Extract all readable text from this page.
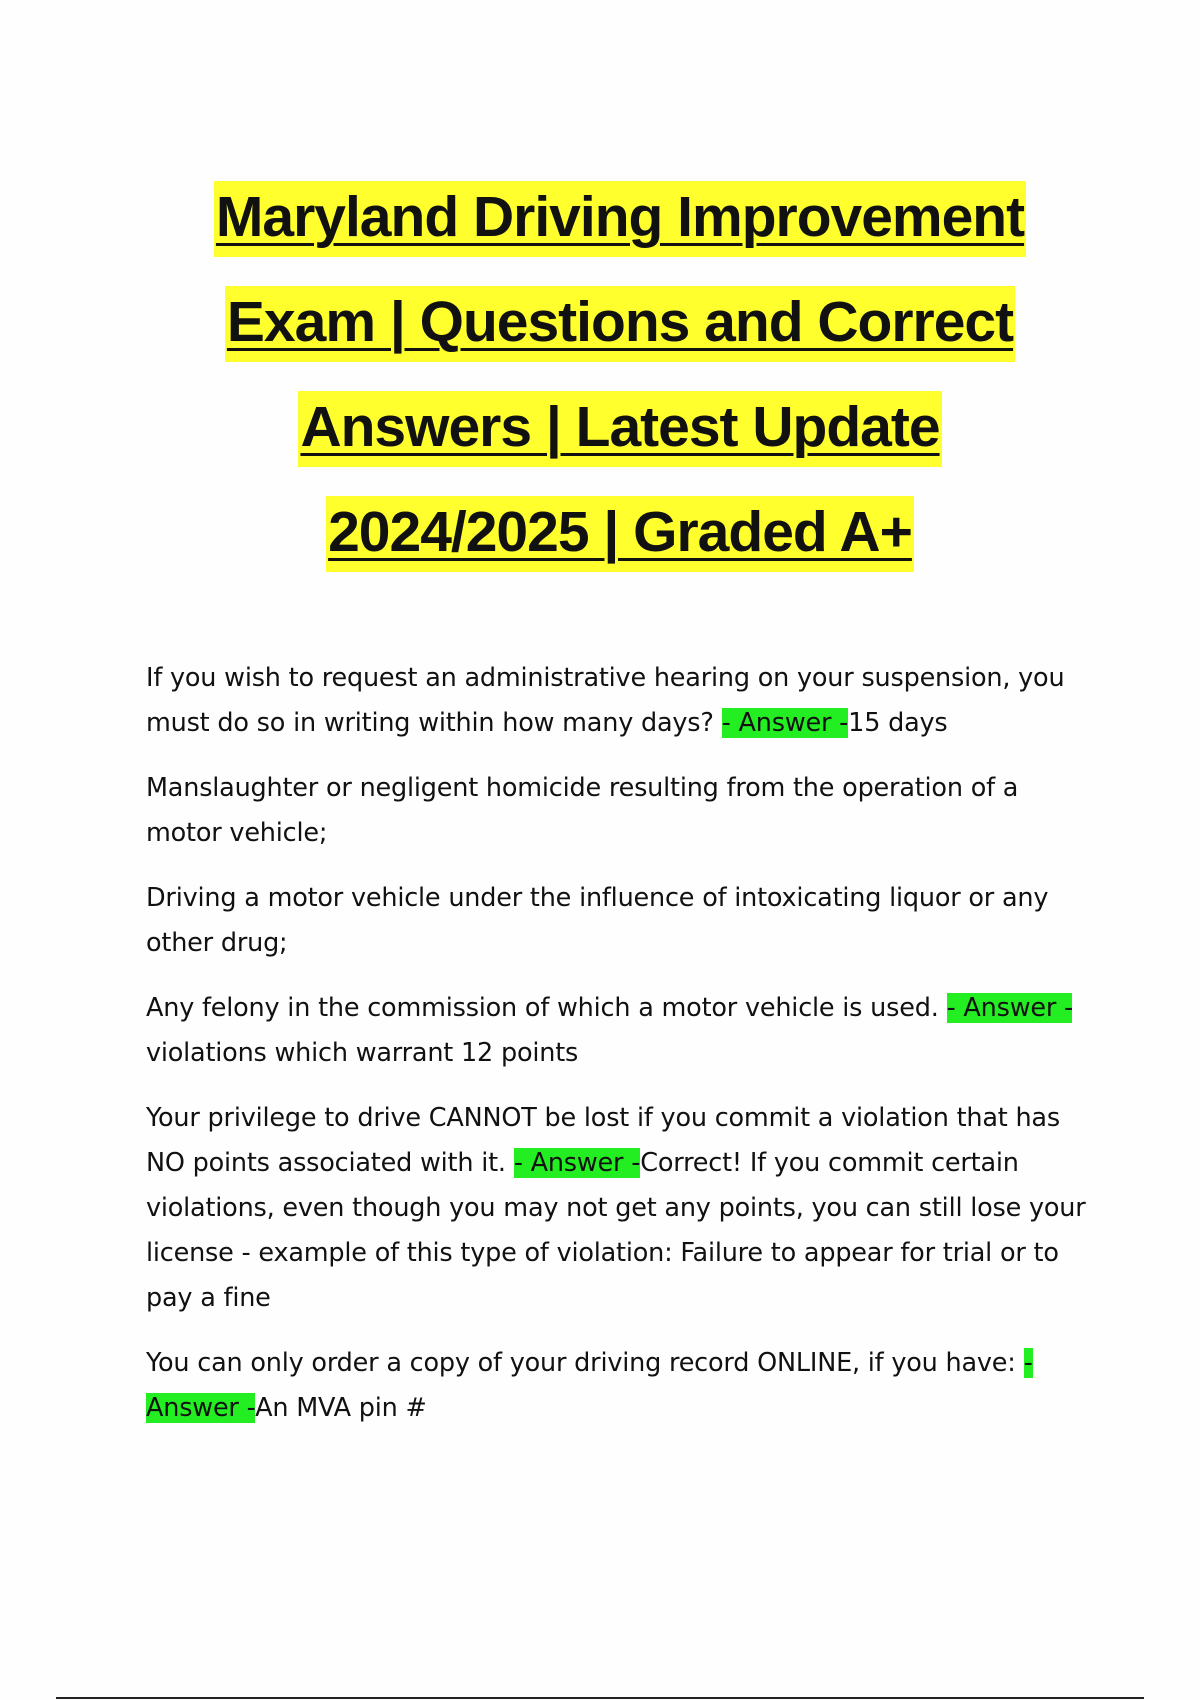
Maryland Driving Improvement
Exam | Questions and Correct
Answers | Latest Update
2024/2025 | Graded A+

If you wish to request an administrative hearing on your suspension, you must do so in writing within how many days? - Answer -15 days

Manslaughter or negligent homicide resulting from the operation of a motor vehicle;

Driving a motor vehicle under the influence of intoxicating liquor or any other drug;

Any felony in the commission of which a motor vehicle is used. - Answer -violations which warrant 12 points

Your privilege to drive CANNOT be lost if you commit a violation that has NO points associated with it. - Answer -Correct! If you commit certain violations, even though you may not get any points, you can still lose your license - example of this type of violation: Failure to appear for trial or to pay a fine

You can only order a copy of your driving record ONLINE, if you have: - Answer -An MVA pin #
